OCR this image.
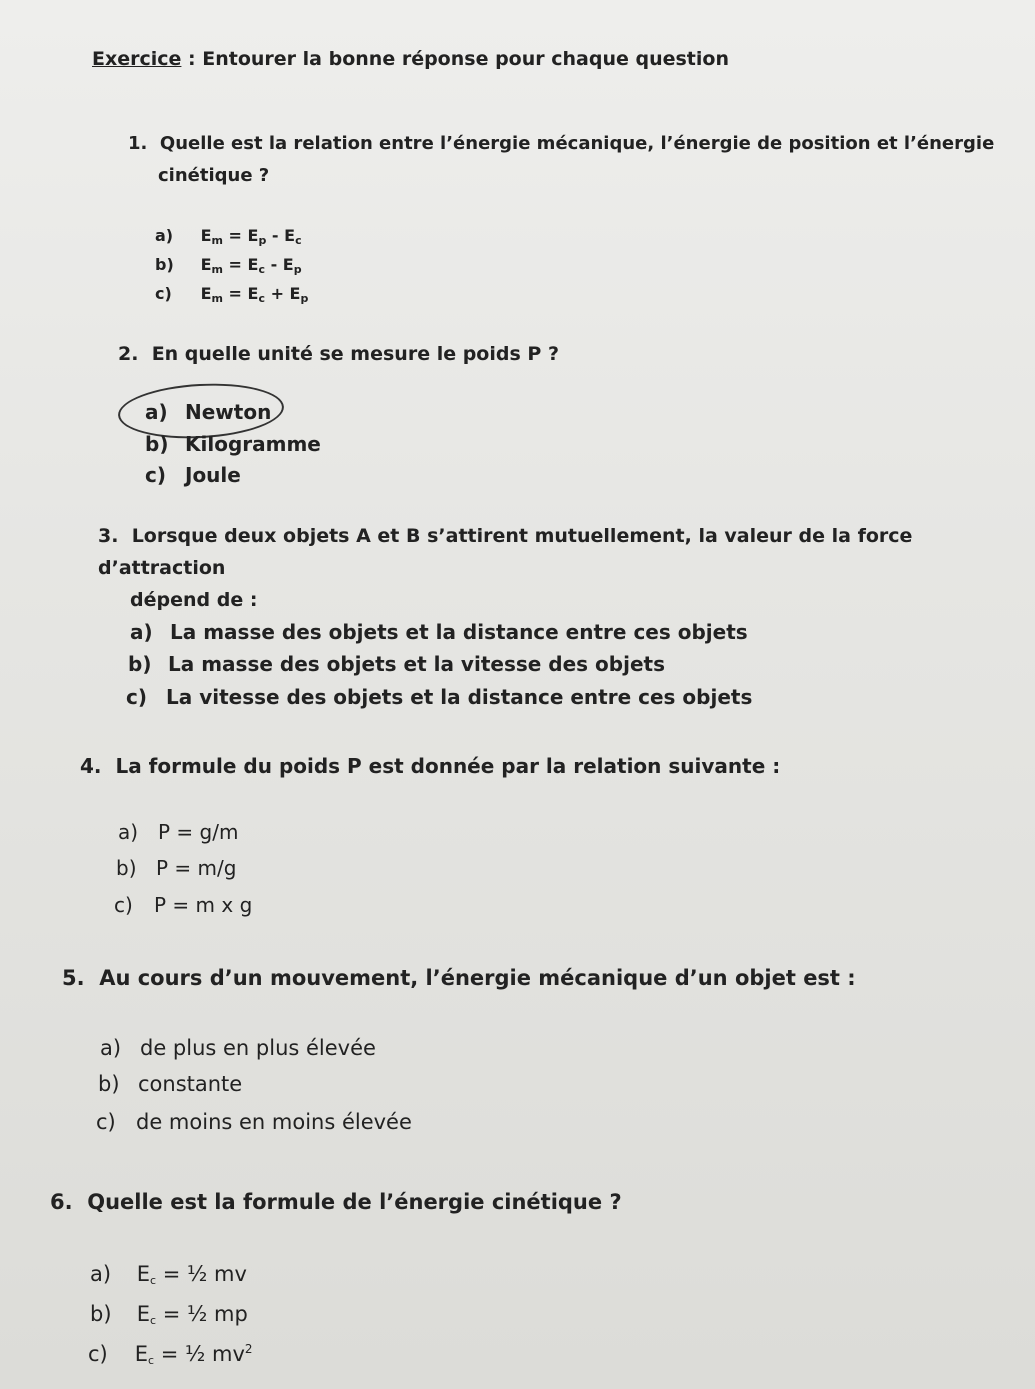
Exercice : Entourer la bonne réponse pour chaque question
1. Quelle est la relation entre l’énergie mécanique, l’énergie de position et l’énergie
cinétique ?
a) $E_m = E_p - E_c$
b) $E_m = E_c - E_p$
c) $E_m = E_c + E_p$
2. En quelle unité se mesure le poids P ?
a) Newton
b) Kilogramme
c) Joule
3. Lorsque deux objets A et B s’attirent mutuellement, la valeur de la force d’attraction
dépend de :
a) La masse des objets et la distance entre ces objets
b) La masse des objets et la vitesse des objets
c) La vitesse des objets et la distance entre ces objets
4. La formule du poids P est donnée par la relation suivante :
a) P = g/m
b) P = m/g
c) P = m x g
5. Au cours d’un mouvement, l’énergie mécanique d’un objet est :
a) de plus en plus élevée
b) constante
c) de moins en moins élevée
6. Quelle est la formule de l’énergie cinétique ?
a) $E_c$ = ½ mv
b) $E_c$ = ½ mp
c) $E_c$ = ½ $mv^2$
